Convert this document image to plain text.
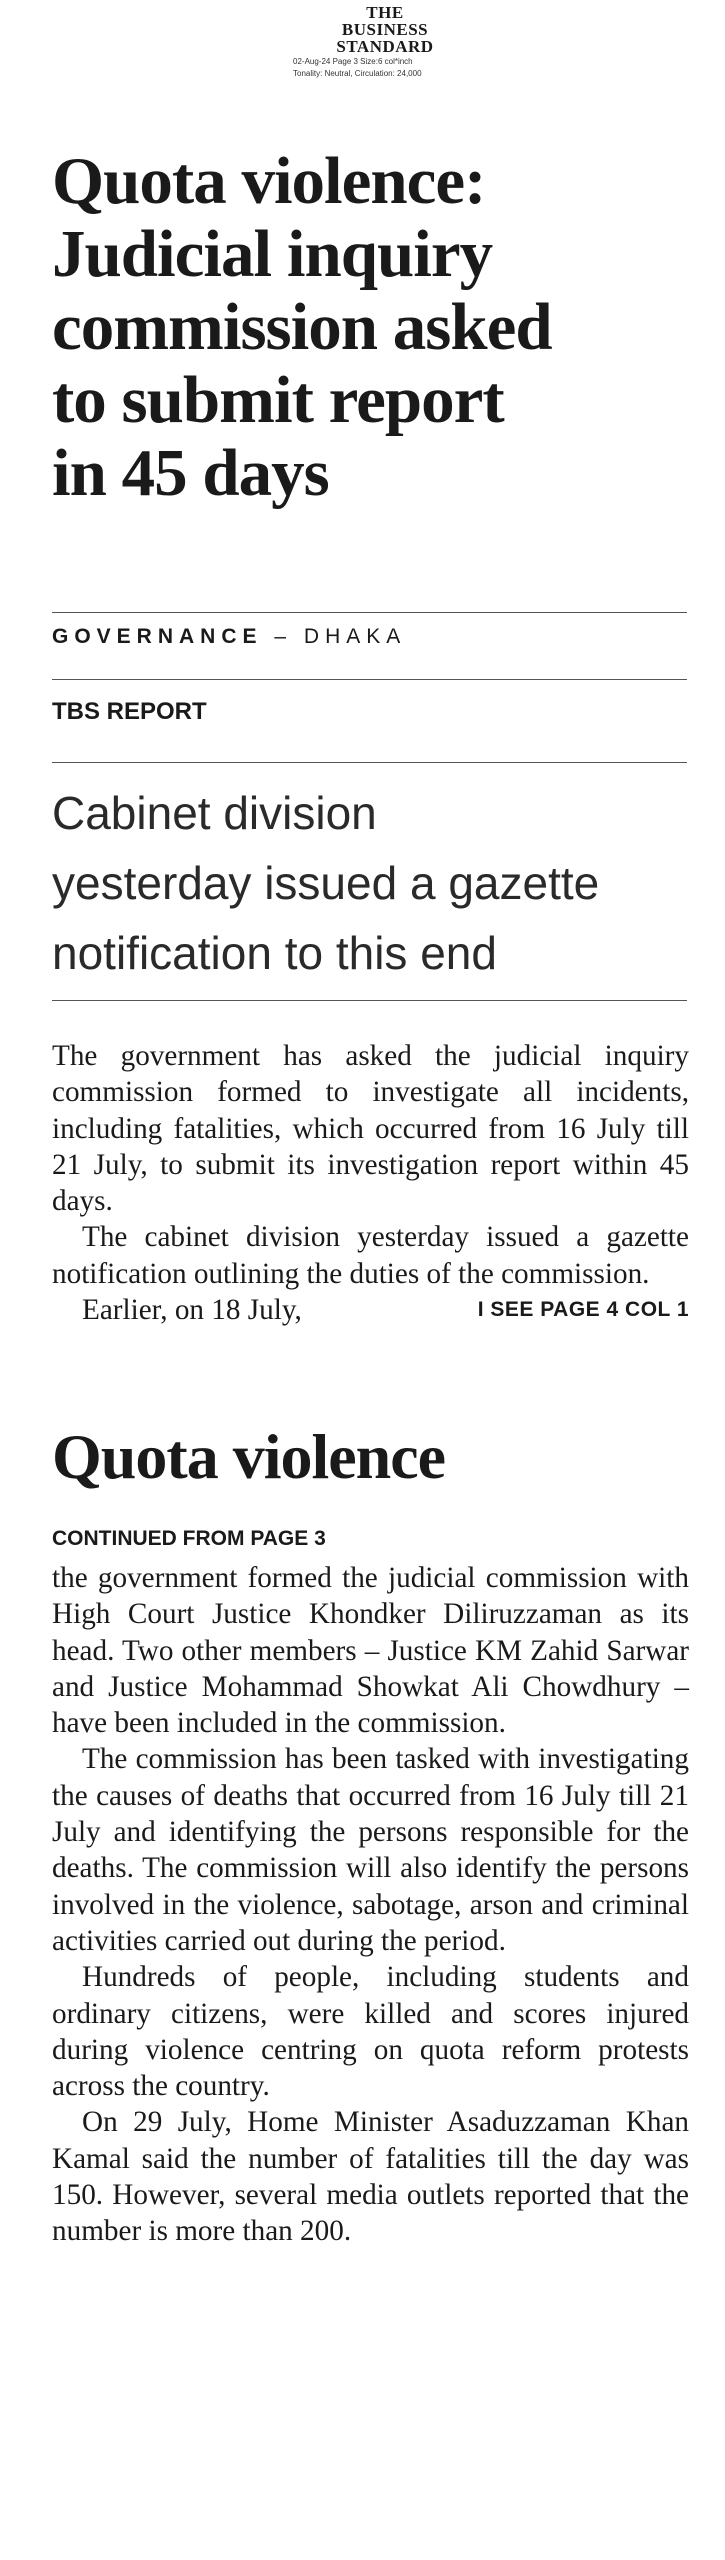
THE
BUSINESS
STANDARD
02-Aug-24 Page 3 Size:6 col*inch
Tonality: Neutral, Circulation: 24,000
Quota violence:
Judicial inquiry
commission asked
to submit report
in 45 days
GOVERNANCE – DHAKA
TBS REPORT
Cabinet division
yesterday issued a gazette
notification to this end

The government has asked the judicial inquiry commission formed to investigate all incidents, including fatalities, which occurred from 16 July till 21 July, to submit its investigation report within 45 days.

The cabinet division yesterday issued a gazette notification outlining the duties of the commission.

Earlier, on 18 July,	I SEE PAGE 4 COL 1

Quota violence
CONTINUED FROM PAGE 3

the government formed the judicial commission with High Court Justice Khondker Diliruzzaman as its head. Two other members – Justice KM Zahid Sarwar and Justice Mohammad Showkat Ali Chowdhury – have been included in the commission.

The commission has been tasked with investigating the causes of deaths that occurred from 16 July till 21 July and identifying the persons responsible for the deaths. The commission will also identify the persons involved in the violence, sabotage, arson and criminal activities carried out during the period.

Hundreds of people, including students and ordinary citizens, were killed and scores injured during violence centring on quota reform protests across the country.

On 29 July, Home Minister Asaduzzaman Khan Kamal said the number of fatalities till the day was 150. However, several media outlets reported that the number is more than 200.
